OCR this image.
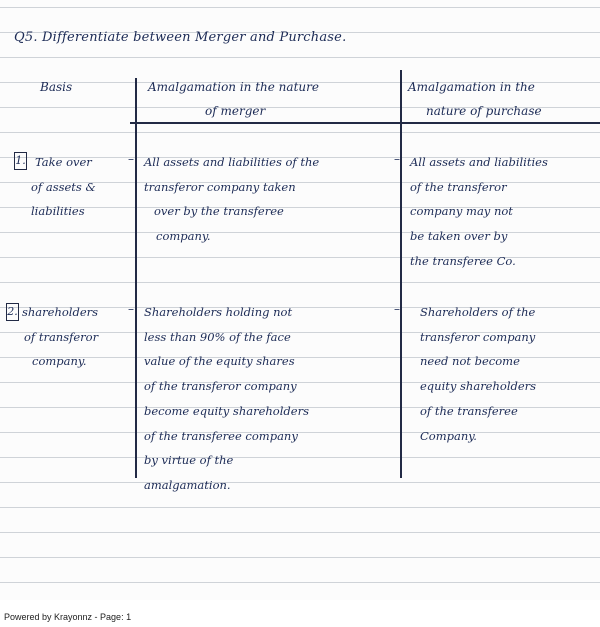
Q5. Differentiate between Merger and Purchase.
Basis	Amalgamation in the nature
of merger
Amalgamation in the
nature of purchase
1. Take over
of assets &
liabilities
– All assets and liabilities of the
transferor company taken
over by the transferee
company.
– All assets and liabilities
of the transferor
company may not
be taken over by
the transferee Co.
2. shareholders
of transferor
company.
– Shareholders holding not
less than 90% of the face
value of the equity shares
of the transferor company
become equity shareholders
of the transferee company
by virtue of the
amalgamation.
– Shareholders of the
transferor company
need not become
equity shareholders
of the transferee
Company.
Powered by Krayonnz - Page: 1
